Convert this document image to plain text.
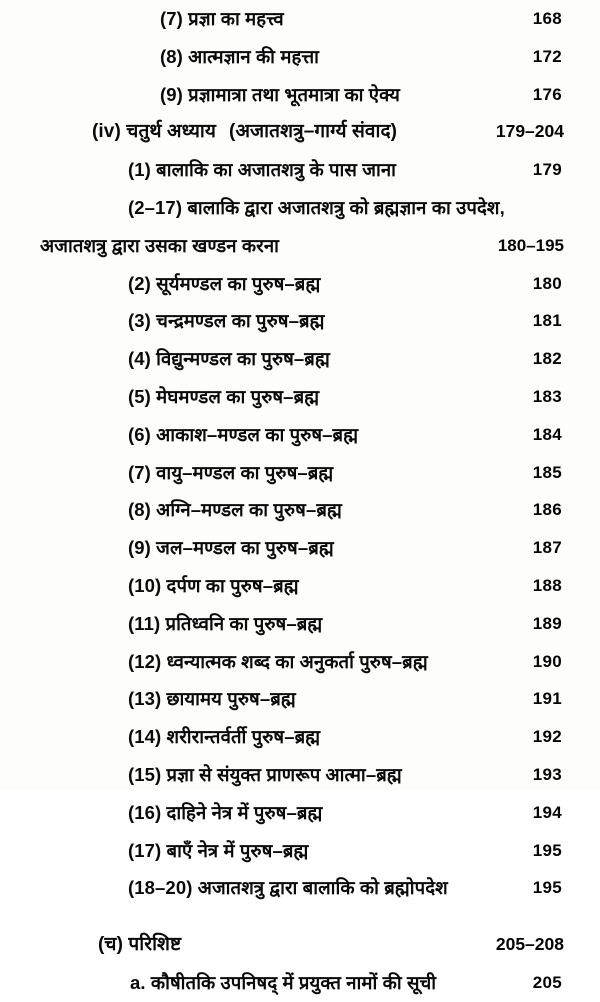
(7) प्रज्ञा का महत्त्व	168
(8) आत्मज्ञान की महत्ता	172
(9) प्रज्ञामात्रा तथा भूतमात्रा का ऐक्य	176
(iv) चतुर्थ अध्याय (अजातशत्रु–गार्ग्य संवाद)	179–204
(1) बालाकि का अजातशत्रु के पास जाना	179
(2–17) बालाकि द्वारा अजातशत्रु को ब्रह्मज्ञान का उपदेश,
अजातशत्रु द्वारा उसका खण्डन करना	180–195
(2) सूर्यमण्डल का पुरुष–ब्रह्म	180
(3) चन्द्रमण्डल का पुरुष–ब्रह्म	181
(4) विद्युन्मण्डल का पुरुष–ब्रह्म	182
(5) मेघमण्डल का पुरुष–ब्रह्म	183
(6) आकाश–मण्डल का पुरुष–ब्रह्म	184
(7) वायु–मण्डल का पुरुष–ब्रह्म	185
(8) अग्नि–मण्डल का पुरुष–ब्रह्म	186
(9) जल–मण्डल का पुरुष–ब्रह्म	187
(10) दर्पण का पुरुष–ब्रह्म	188
(11) प्रतिध्वनि का पुरुष–ब्रह्म	189
(12) ध्वन्यात्मक शब्द का अनुकर्ता पुरुष–ब्रह्म	190
(13) छायामय पुरुष–ब्रह्म	191
(14) शरीरान्तर्वर्ती पुरुष–ब्रह्म	192
(15) प्रज्ञा से संयुक्त प्राणरूप आत्मा–ब्रह्म	193
(16) दाहिने नेत्र में पुरुष–ब्रह्म	194
(17) बाएँ नेत्र में पुरुष–ब्रह्म	195
(18–20) अजातशत्रु द्वारा बालाकि को ब्रह्मोपदेश	195
(च) परिशिष्ट	205–208
a. कौषीतकि उपनिषद् में प्रयुक्त नामों की सूची	205
